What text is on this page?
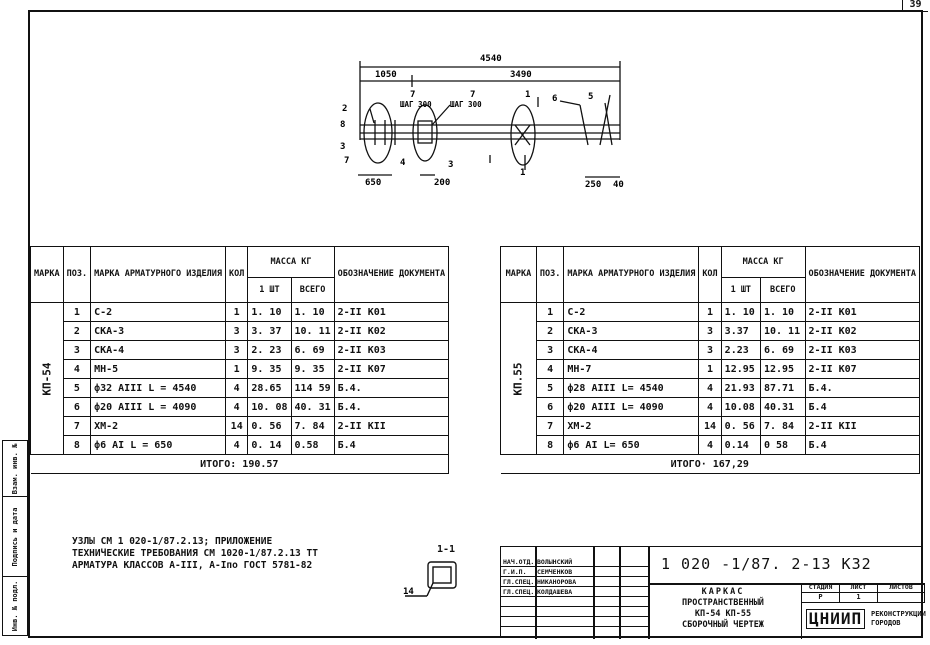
39
Взам. инв. №
Подпись и дата
Инв. № подл.
4540
1050	3490
650	200	250 40
2
8
3
7
7	7
4	3
1
1
6	5
ШАГ 300 ШАГ 300
МАРКА	ПОЗ.	МАРКА АРМАТУРНОГО ИЗДЕЛИЯ	КОЛ	МАССА КГ		ОБОЗНАЧЕНИЕ ДОКУМЕНТА
				1 ШТ	ВСЕГО	

КП-54	1	С-2	1	1. 10	1. 10	2-II К01
	2	СКА-3	3	3. 37	10. 11	2-II К02
	3	СКА-4	3	2. 23	6. 69	2-II К03
	4	МН-5	1	9. 35	9. 35	2-II К07
	5	ф32 АIII L = 4540	4	28.65	114 59	Б.4.
	6	ф20 АIII L = 4090	4	10. 08	40. 31	Б.4.
	7	ХМ-2	14	0. 56	7. 84	2-II КII
	8	ф6 АI L = 650	4	0. 14	0.58	Б.4
ИТОГО: 190.57						
МАРКА	ПОЗ.	МАРКА АРМАТУРНОГО ИЗДЕЛИЯ	КОЛ	МАССА КГ		ОБОЗНАЧЕНИЕ ДОКУМЕНТА
				1 ШТ	ВСЕГО	

КП.55	1	С-2	1	1. 10	1. 10	2-II К01
	2	СКА-3	3	3.37	10. 11	2-II К02
	3	СКА-4	3	2.23	6. 69	2-II К03
	4	МН-7	1	12.95	12.95	2-II К07
	5	ф28 АIII L= 4540	4	21.93	87.71	Б.4.
	6	ф20 АIII L= 4090	4	10.08	40.31	Б.4
	7	ХМ-2	14	0. 56	7. 84	2-II КII
	8	ф6 АI L= 650	4	0.14	0 58	Б.4
ИТОГО· 167,29						
УЗЛЫ СМ 1 020-1/87.2.13; ПРИЛОЖЕНИЕ
ТЕХНИЧЕСКИЕ ТРЕБОВАНИЯ СМ 1020-1/87.2.13 ТТ
АРМАТУРА КЛАССОВ А-III, А-Iпо ГОСТ 5781-82
1-1
14
НАЧ.ОТД. ВОЛЫНСКИЙ
Г.И.П. СЕМЧЕНКОВ
ГЛ.СПЕЦ. НИКАНОРОВА
ГЛ.СПЕЦ. КОЛДАШЕВА
1 020 -1/87. 2-13 К32
КАРКАС
ПРОСТРАНСТВЕННЫЙ
КП-54 КП-55
СБОРОЧНЫЙ ЧЕРТЕЖ
СТАДИЯ	ЛИСТ	ЛИСТОВ
Р	1
ЦНИИП	РЕКОНСТРУКЦИИ
ГОРОДОВ
